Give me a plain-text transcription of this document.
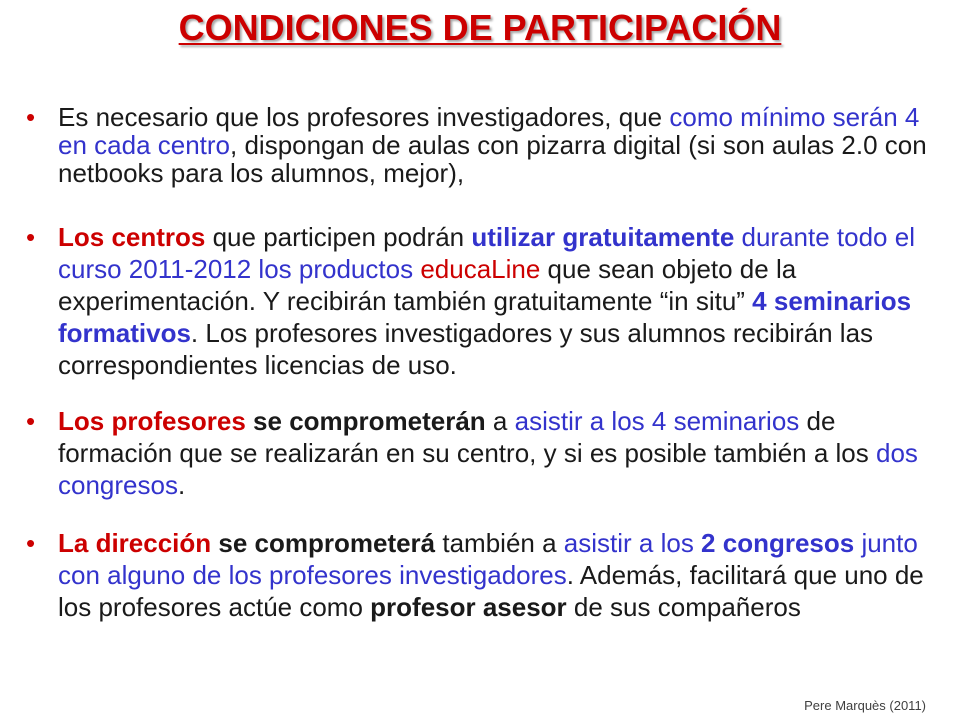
CONDICIONES DE PARTICIPACIÓN
• Es necesario que los profesores investigadores, que como mínimo serán 4 en cada centro, dispongan de aulas con pizarra digital (si son aulas 2.0 con netbooks para los alumnos, mejor),
• Los centros que participen podrán utilizar gratuitamente durante todo el curso 2011-2012 los productos educaLine que sean objeto de la experimentación. Y recibirán también gratuitamente “in situ” 4 seminarios formativos. Los profesores investigadores y sus alumnos recibirán las correspondientes licencias de uso.
• Los profesores se comprometerán a asistir a los 4 seminarios de formación que se realizarán en su centro, y si es posible también a los dos congresos.
• La dirección se comprometerá también a asistir a los 2 congresos junto con alguno de los profesores investigadores. Además, facilitará que uno de los profesores actúe como profesor asesor de sus compañeros
Pere Marquès (2011)
